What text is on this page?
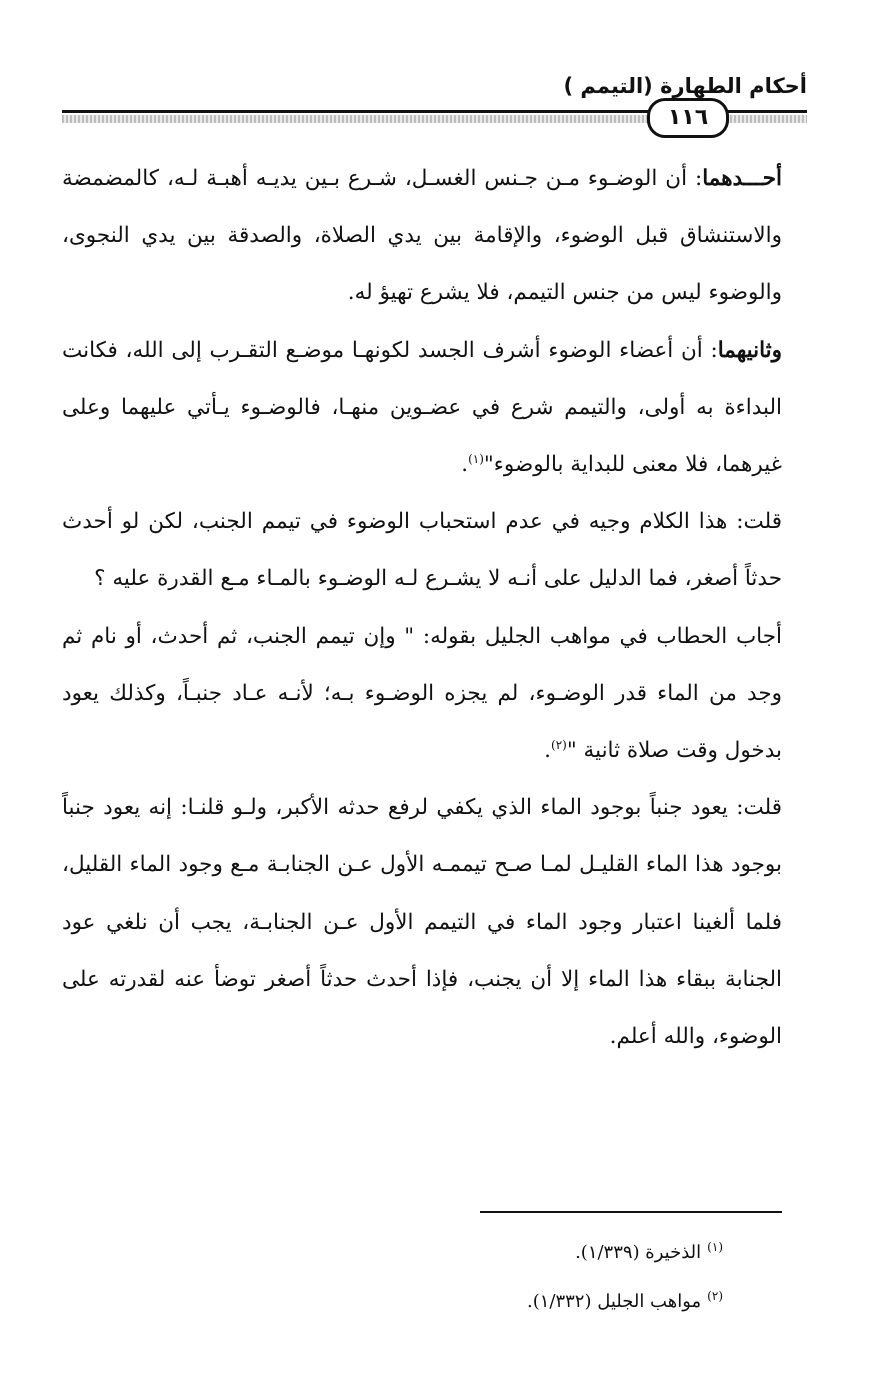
أحكام الطهارة (التيمم )
١١٦

أحـــدهما: أن الوضـوء مـن جـنس الغسـل، شـرع بـين يديـه أهبـة لـه، كالمضمضة والاستنشاق قبل الوضوء، والإقامة بين يدي الصلاة، والصدقة بين يدي النجوى، والوضوء ليس من جنس التيمم، فلا يشرع تهيؤ له.

وثانيهما: أن أعضاء الوضوء أشرف الجسد لكونهـا موضـع التقـرب إلى الله، فكانت البداءة به أولى، والتيمم شرع في عضـوين منهـا، فالوضـوء يـأتي عليهما وعلى غيرهما، فلا معنى للبداية بالوضوء"$^{(١)}$.

قلت: هذا الكلام وجيه في عدم استحباب الوضوء في تيمم الجنب، لكن لو أحدث حدثاً أصغر، فما الدليل على أنـه لا يشـرع لـه الوضـوء بالمـاء مـع القدرة عليه ؟

أجاب الحطاب في مواهب الجليل بقوله: " وإن تيمم الجنب، ثم أحدث، أو نام ثم وجد من الماء قدر الوضـوء، لم يجزه الوضـوء بـه؛ لأنـه عـاد جنبـاً، وكذلك يعود بدخول وقت صلاة ثانية "$^{(٢)}$.

قلت: يعود جنباً بوجود الماء الذي يكفي لرفع حدثه الأكبر، ولـو قلنـا: إنه يعود جنباً بوجود هذا الماء القليـل لمـا صـح تيممـه الأول عـن الجنابـة مـع وجود الماء القليل، فلما ألغينا اعتبار وجود الماء في التيمم الأول عـن الجنابـة، يجب أن نلغي عود الجنابة ببقاء هذا الماء إلا أن يجنب، فإذا أحدث حدثاً أصغر توضأ عنه لقدرته على الوضوء، والله أعلم.

$^{(١)}$الذخيرة (١/٣٣٩).
$^{(٢)}$مواهب الجليل (١/٣٣٢).
